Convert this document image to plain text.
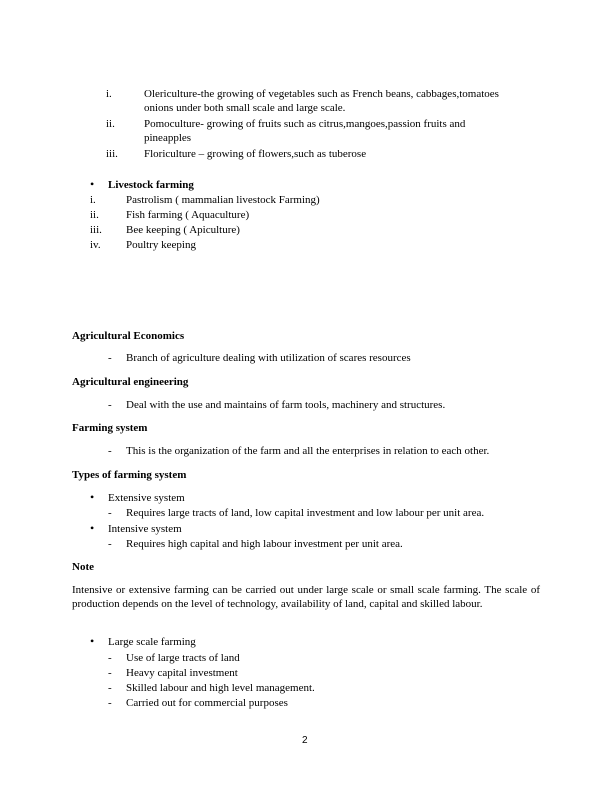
i.	Olericulture-the growing of vegetables such as French beans, cabbages,tomatoes
onions under both small scale and large scale.
ii.	Pomoculture- growing of fruits such as citrus,mangoes,passion fruits and
pineapples
iii. Floriculture – growing of flowers,such as tuberose
• Livestock farming
i.	Pastrolism ( mammalian livestock Farming)
ii. Fish farming ( Aquaculture)
iii. Bee keeping ( Apiculture)
iv. Poultry keeping
Agricultural Economics
- Branch of agriculture dealing with utilization of scares resources
Agricultural engineering
- Deal with the use and maintains of farm tools, machinery and structures.
Farming system
- This is the organization of the farm and all the enterprises in relation to each other.
Types of farming system
• Extensive system
- Requires large tracts of land, low capital investment and low labour per unit area.
• Intensive system
- Requires high capital and high labour investment per unit area.
Note
Intensive or extensive farming can be carried out under large scale or small scale farming. The scale of production depends on the level of technology, availability of land, capital and skilled labour.
• Large scale farming
- Use of large tracts of land
- Heavy capital investment
- Skilled labour and high level management.
- Carried out for commercial purposes
2
